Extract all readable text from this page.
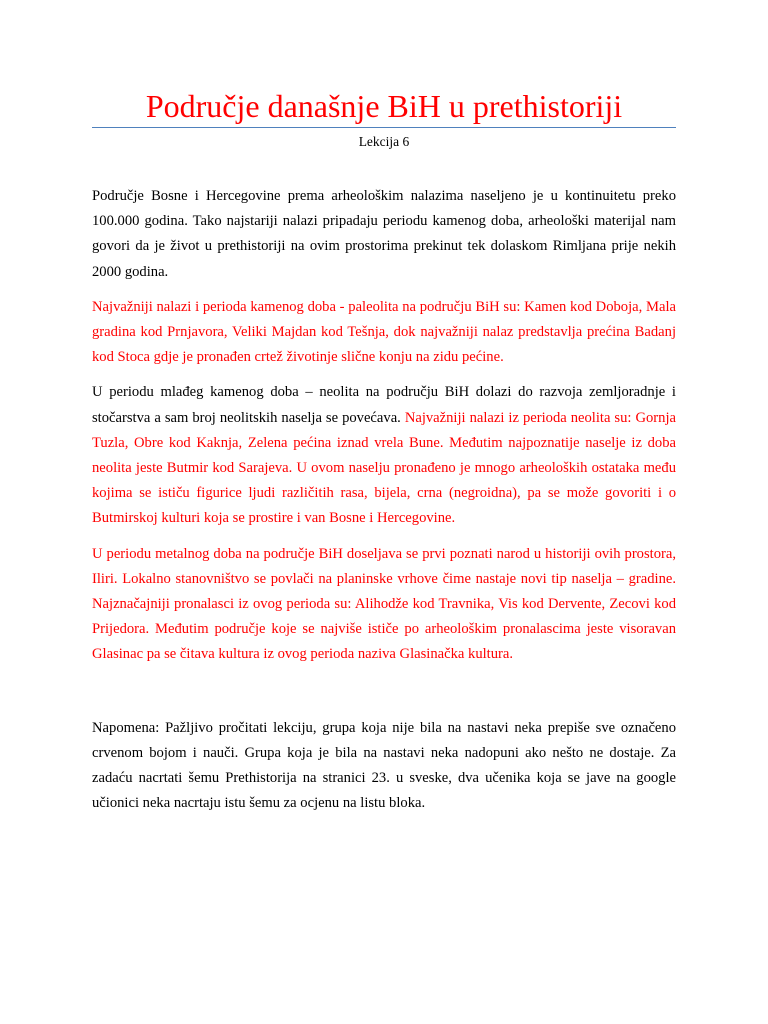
Područje današnje BiH u prethistoriji
Lekcija 6

Područje Bosne i Hercegovine prema arheološkim nalazima naseljeno je u kontinuitetu preko 100.000 godina. Tako najstariji nalazi pripadaju periodu kamenog doba, arheološki materijal nam govori da je život u prethistoriji na ovim prostorima prekinut tek dolaskom Rimljana prije nekih 2000 godina.

Najvažniji nalazi i perioda kamenog doba - paleolita na području BiH su: Kamen kod Doboja, Mala gradina kod Prnjavora, Veliki Majdan kod Tešnja, dok najvažniji nalaz predstavlja prećina Badanj kod Stoca gdje je pronađen crtež životinje slične konju na zidu pećine.

U periodu mlađeg kamenog doba – neolita na području BiH dolazi do razvoja zemljoradnje i stočarstva a sam broj neolitskih naselja se povećava. Najvažniji nalazi iz perioda neolita su: Gornja Tuzla, Obre kod Kaknja, Zelena pećina iznad vrela Bune. Međutim najpoznatije naselje iz doba neolita jeste Butmir kod Sarajeva. U ovom naselju pronađeno je mnogo arheoloških ostataka među kojima se ističu figurice ljudi različitih rasa, bijela, crna (negroidna), pa se može govoriti i o Butmirskoj kulturi koja se prostire i van Bosne i Hercegovine.

U periodu metalnog doba na područje BiH doseljava se prvi poznati narod u historiji ovih prostora, Iliri. Lokalno stanovništvo se povlači na planinske vrhove čime nastaje novi tip naselja – gradine. Najznačajniji pronalasci iz ovog perioda su: Alihodže kod Travnika, Vis kod Dervente, Zecovi kod Prijedora. Međutim područje koje se najviše ističe po arheološkim pronalascima jeste visoravan Glasinac pa se čitava kultura iz ovog perioda naziva Glasinačka kultura.

Napomena: Pažljivo pročitati lekciju, grupa koja nije bila na nastavi neka prepiše sve označeno crvenom bojom i nauči. Grupa koja je bila na nastavi neka nadopuni ako nešto ne dostaje. Za zadaću nacrtati šemu Prethistorija na stranici 23. u sveske, dva učenika koja se jave na google učionici neka nacrtaju istu šemu za ocjenu na listu bloka.
